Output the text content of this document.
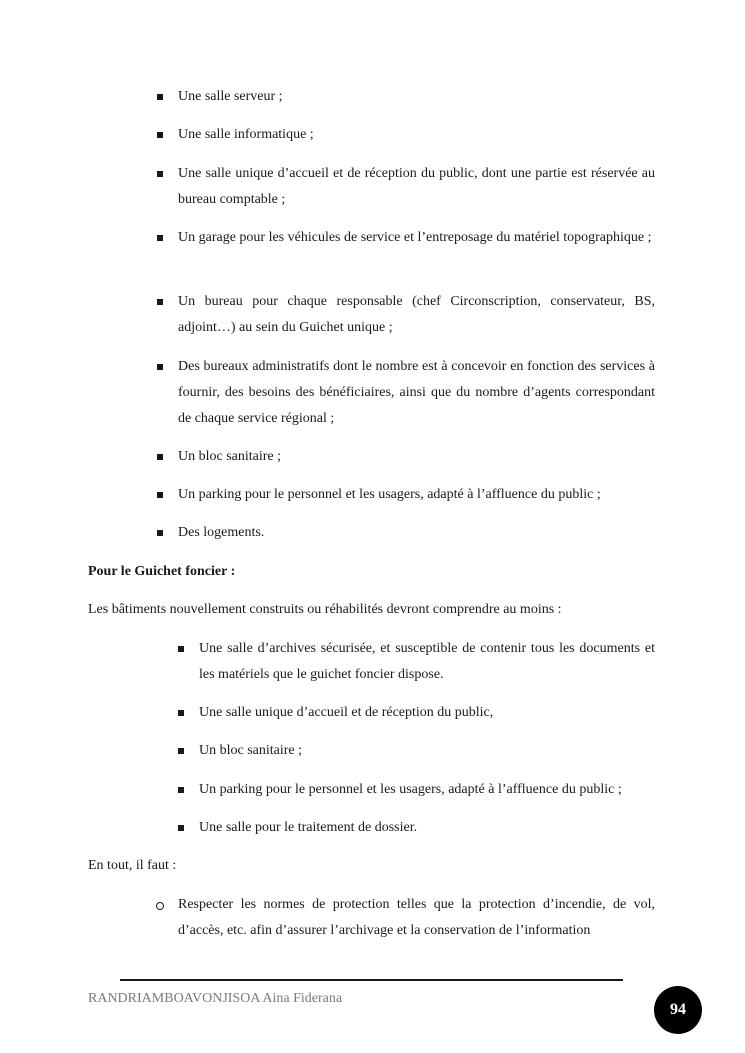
Une salle serveur ;
Une salle informatique ;
Une salle unique d’accueil et de réception du public, dont une partie est réservée au bureau comptable ;
Un garage pour les véhicules de service et l’entreposage du matériel topographique ;
Un bureau pour chaque responsable (chef Circonscription, conservateur, BS, adjoint…) au sein du Guichet unique ;
Des bureaux administratifs dont le nombre est à concevoir en fonction des services à fournir, des besoins des bénéficiaires, ainsi que du nombre d’agents correspondant de chaque service régional ;
Un bloc sanitaire ;
Un parking pour le personnel et les usagers, adapté à l’affluence du public ;
Des logements.
Pour le Guichet foncier :
Les bâtiments nouvellement construits ou réhabilités devront comprendre au moins :
Une salle d’archives sécurisée, et susceptible de contenir tous les documents et les matériels que le guichet foncier dispose.
Une salle unique d’accueil et de réception du public,
Un bloc sanitaire ;
Un parking pour le personnel et les usagers, adapté à l’affluence du public ;
Une salle pour le traitement de dossier.
En tout, il faut :
Respecter les normes de protection telles que la protection d’incendie, de vol, d’accès, etc. afin d’assurer l’archivage et la conservation de l’information
RANDRIAMBOAVONJISOA Aina Fiderana
94
